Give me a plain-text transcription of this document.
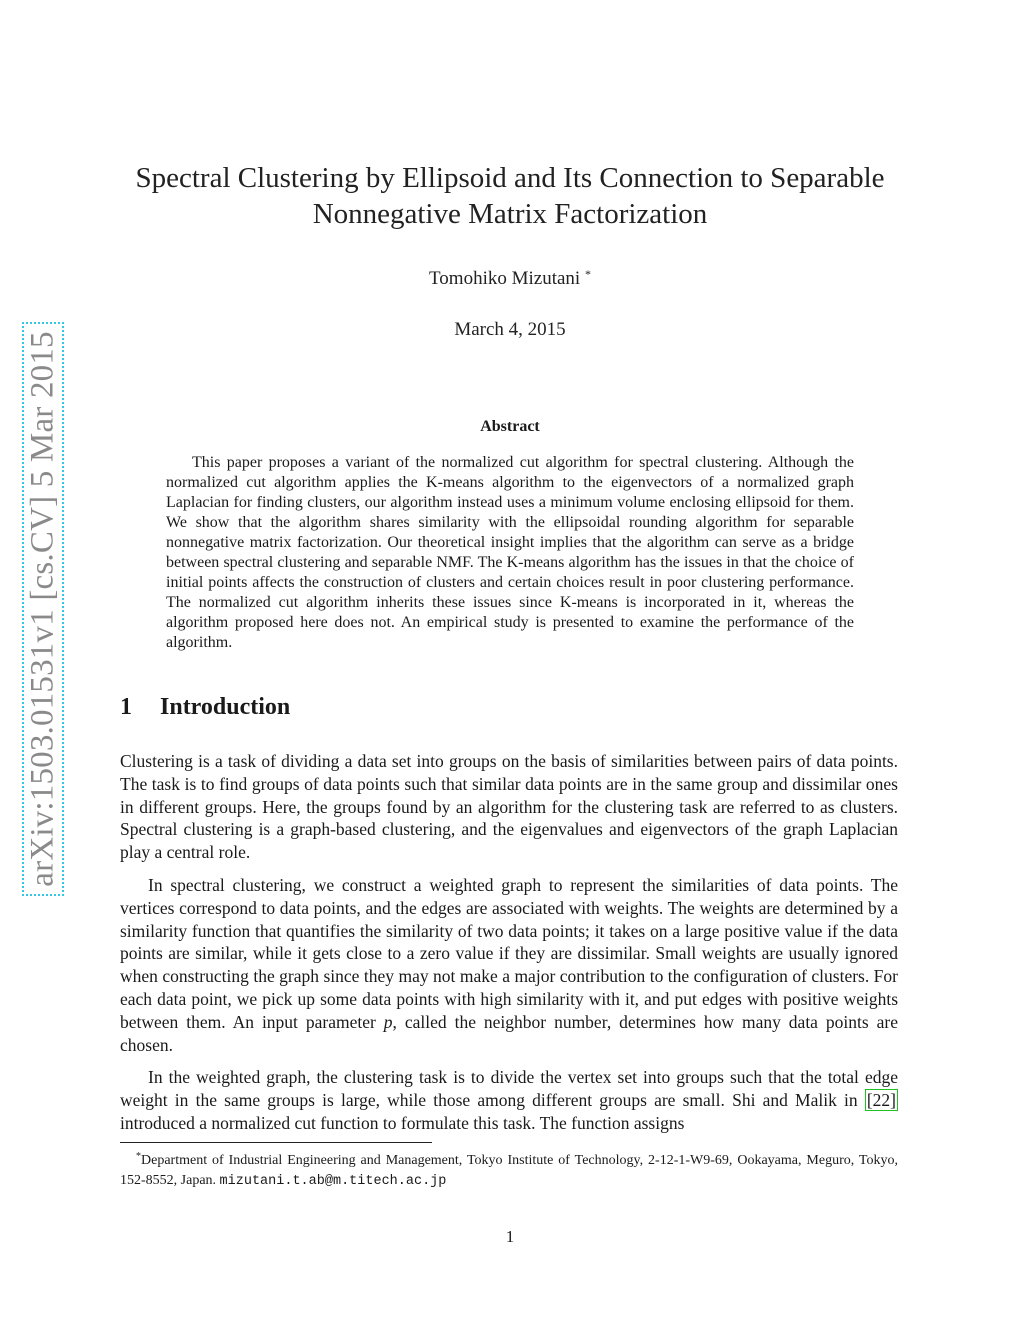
arXiv:1503.01531v1 [cs.CV] 5 Mar 2015
Spectral Clustering by Ellipsoid and Its Connection to Separable
Nonnegative Matrix Factorization
Tomohiko Mizutani *
March 4, 2015
Abstract

This paper proposes a variant of the normalized cut algorithm for spectral clustering. Although the normalized cut algorithm applies the K-means algorithm to the eigenvectors of a normalized graph Laplacian for finding clusters, our algorithm instead uses a minimum volume enclosing ellipsoid for them. We show that the algorithm shares similarity with the ellipsoidal rounding algorithm for separable nonnegative matrix factorization. Our theoretical insight implies that the algorithm can serve as a bridge between spectral clustering and separable NMF. The K-means algorithm has the issues in that the choice of initial points affects the construction of clusters and certain choices result in poor clustering performance. The normalized cut algorithm inherits these issues since K-means is incorporated in it, whereas the algorithm proposed here does not. An empirical study is presented to examine the performance of the algorithm.

1 Introduction

Clustering is a task of dividing a data set into groups on the basis of similarities between pairs of data points. The task is to find groups of data points such that similar data points are in the same group and dissimilar ones in different groups. Here, the groups found by an algorithm for the clustering task are referred to as clusters. Spectral clustering is a graph-based clustering, and the eigenvalues and eigenvectors of the graph Laplacian play a central role.

In spectral clustering, we construct a weighted graph to represent the similarities of data points. The vertices correspond to data points, and the edges are associated with weights. The weights are determined by a similarity function that quantifies the similarity of two data points; it takes on a large positive value if the data points are similar, while it gets close to a zero value if they are dissimilar. Small weights are usually ignored when constructing the graph since they may not make a major contribution to the configuration of clusters. For each data point, we pick up some data points with high similarity with it, and put edges with positive weights between them. An input parameter p, called the neighbor number, determines how many data points are chosen.

In the weighted graph, the clustering task is to divide the vertex set into groups such that the total edge weight in the same groups is large, while those among different groups are small. Shi and Malik in [22] introduced a normalized cut function to formulate this task. The function assigns

*Department of Industrial Engineering and Management, Tokyo Institute of Technology, 2-12-1-W9-69, Ookayama, Meguro, Tokyo, 152-8552, Japan. mizutani.t.ab@m.titech.ac.jp

1
